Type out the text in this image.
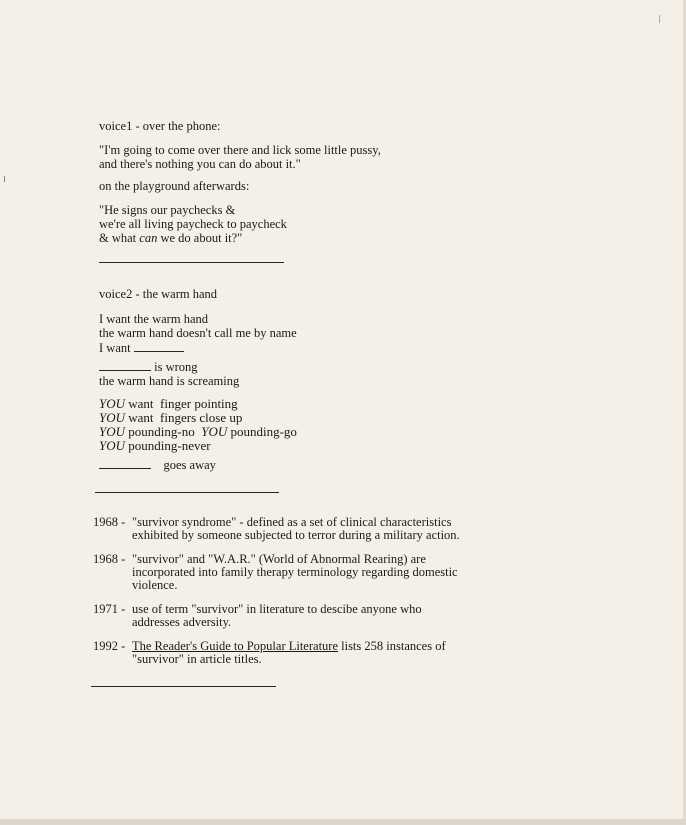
voice1 - over the phone:
"I'm going to come over there and lick some little pussy,
and there's nothing you can do about it."
on the playground afterwards:
"He signs our paychecks &
we're all living paycheck to paycheck
& what can we do about it?"
voice2 - the warm hand
I want the warm hand
the warm hand doesn't call me by name
I want
is wrong
the warm hand is screaming
YOU want  finger pointing
YOU want  fingers close up
YOU pounding-no  YOU pounding-go
YOU pounding-never
goes away
1968 - "survivor syndrome" - defined as a set of clinical characteristics
exhibited by someone subjected to terror during a military action.
1968 - "survivor" and "W.A.R." (World of Abnormal Rearing) are
incorporated into family therapy terminology regarding domestic
violence.
1971 - use of term "survivor" in literature to descibe anyone who
addresses adversity.
1992 - The Reader's Guide to Popular Literature lists 258 instances of
"survivor" in article titles.
